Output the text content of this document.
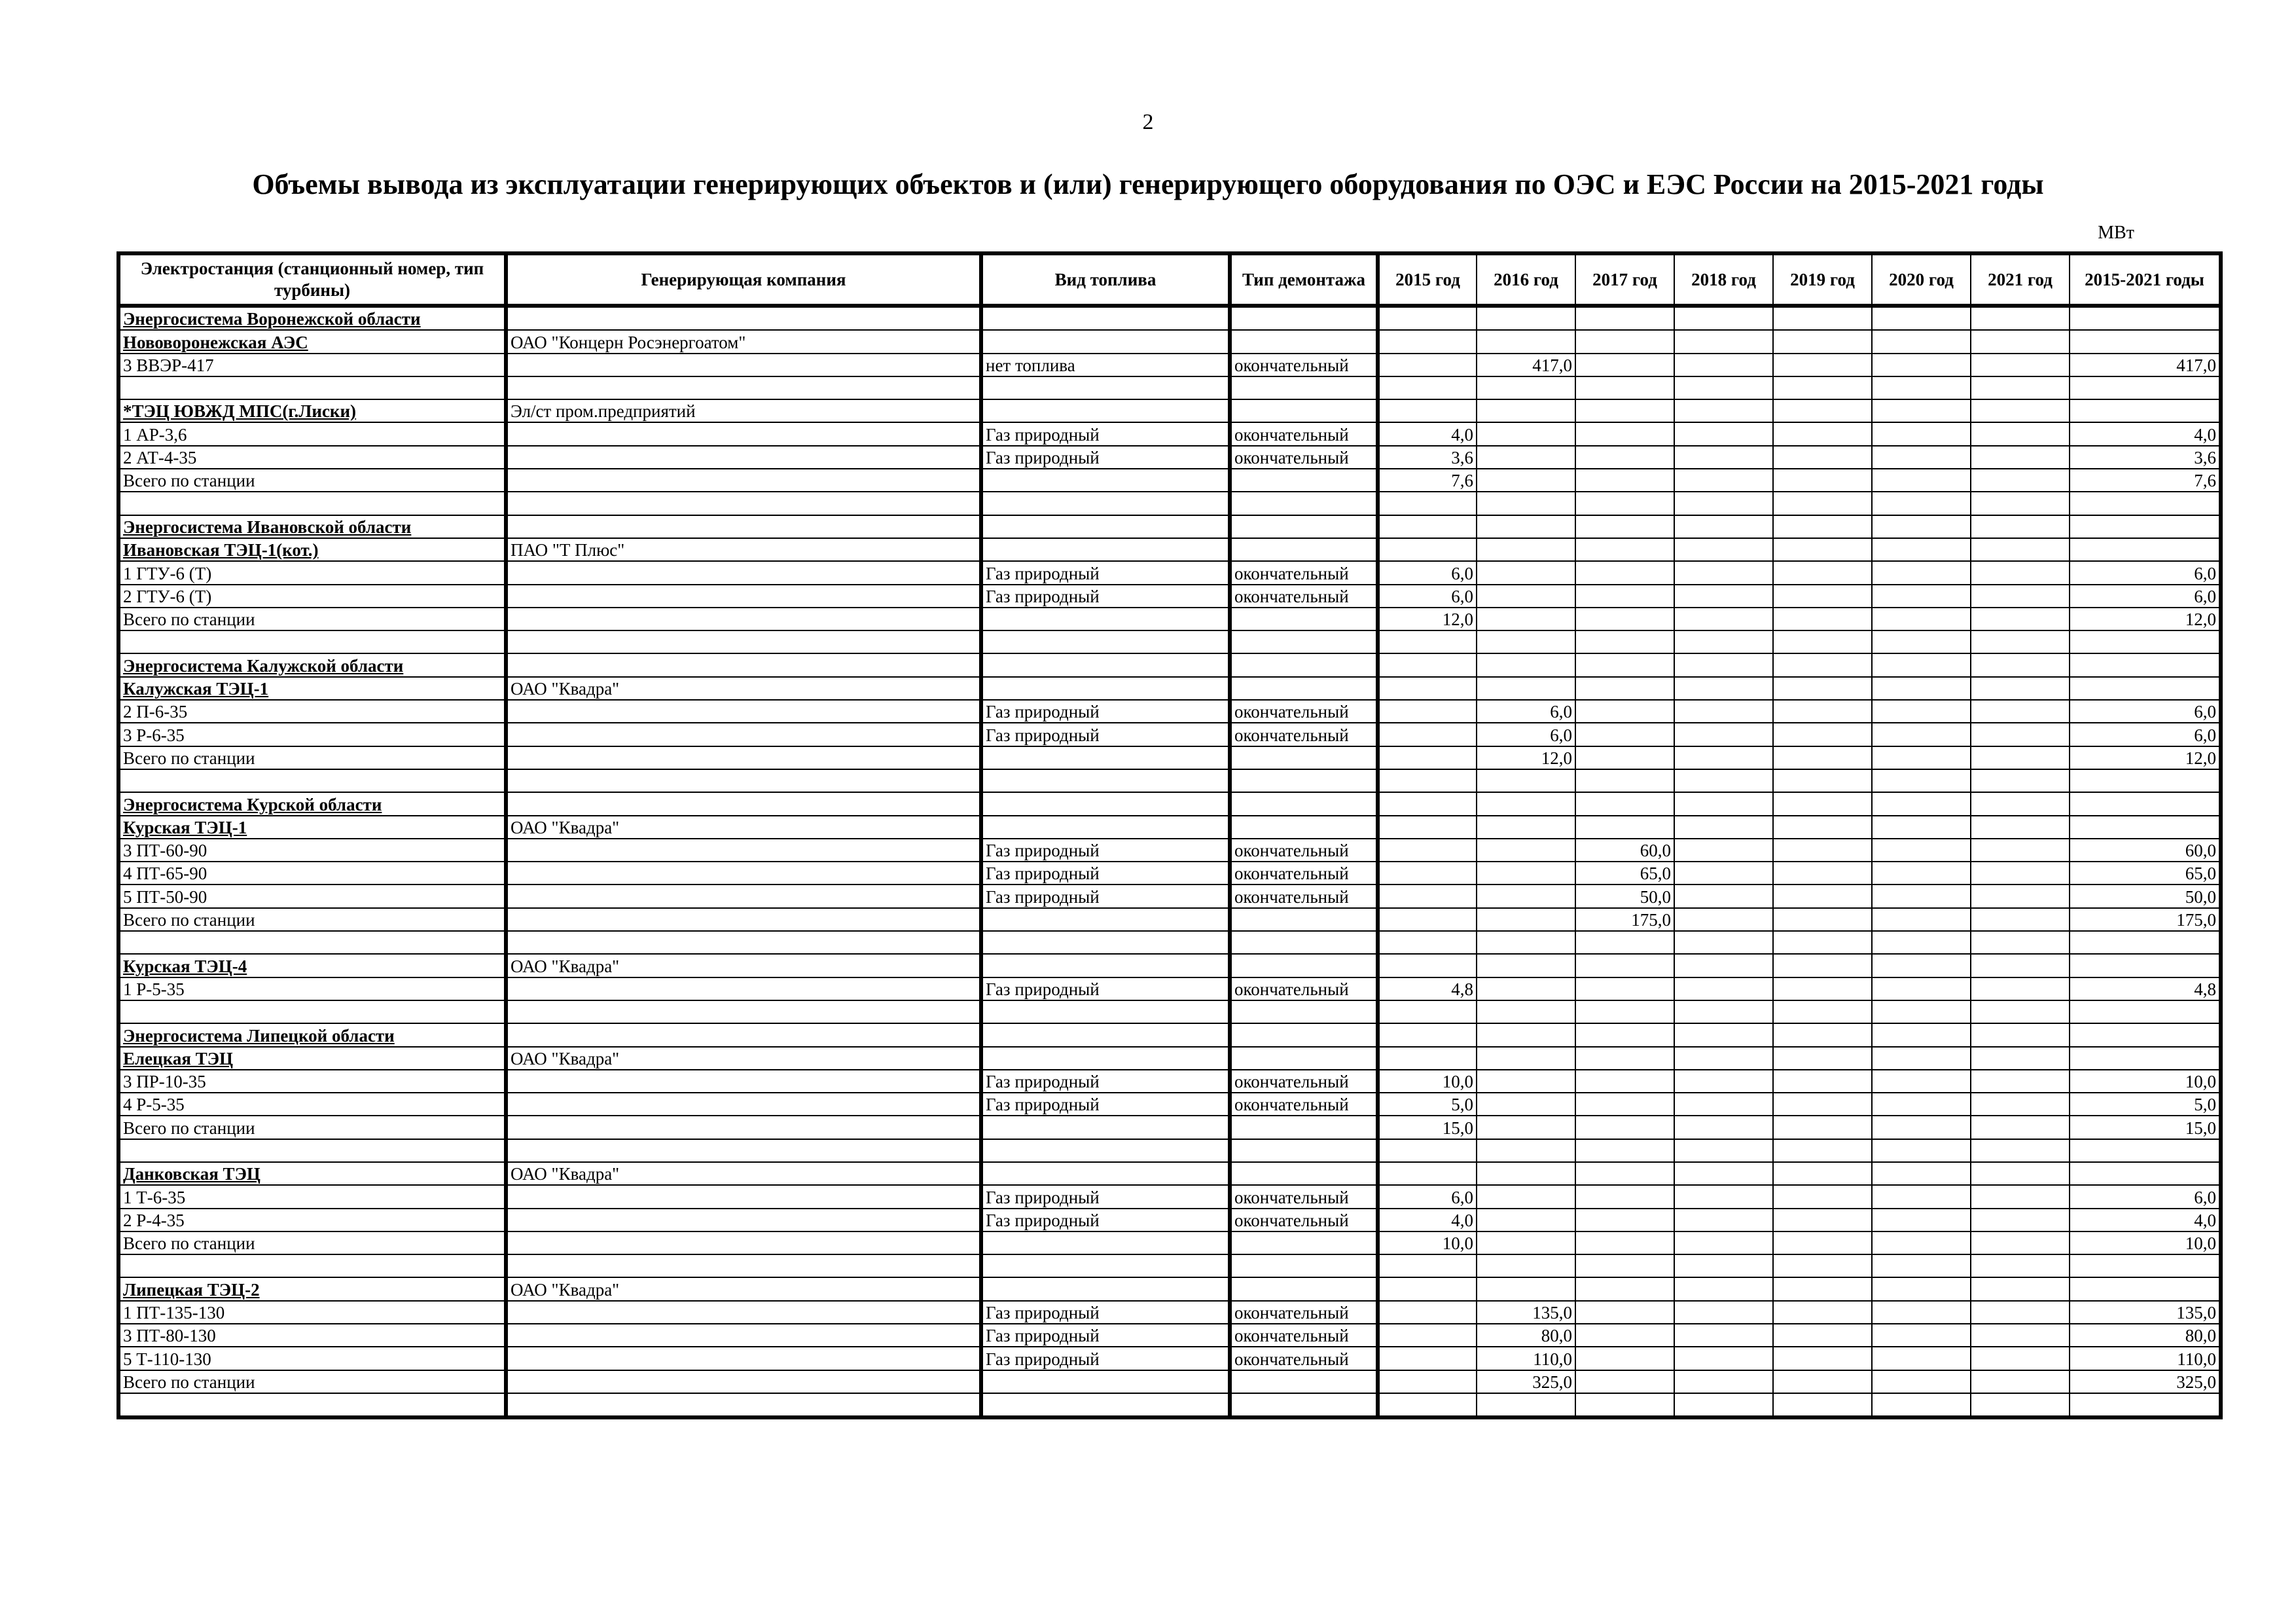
2
Объемы вывода из эксплуатации генерирующих объектов и (или) генерирующего оборудования по ОЭС и ЕЭС России на 2015-2021 годы
МВт
Электростанция (станционный номер, тип турбины)	Генерирующая компания	Вид топлива	Тип демонтажа	2015 год	2016 год	2017 год	2018 год	2019 год	2020 год	2021 год	2015-2021 годы
Энергосистема Воронежской области											
Нововоронежская АЭС	ОАО "Концерн Росэнергоатом"										
3 ВВЭР-417		нет топлива	окончательный		417,0						417,0

*ТЭЦ ЮВЖД МПС(г.Лиски)	Эл/ст пром.предприятий										
1 АР-3,6		Газ природный	окончательный	4,0							4,0
2 АТ-4-35		Газ природный	окончательный	3,6							3,6
Всего по станции				7,6							7,6

Энергосистема Ивановской области											
Ивановская ТЭЦ-1(кот.)	ПАО "Т Плюс"										
1 ГТУ-6 (Т)		Газ природный	окончательный	6,0							6,0
2 ГТУ-6 (Т)		Газ природный	окончательный	6,0							6,0
Всего по станции				12,0							12,0

Энергосистема Калужской области											
Калужская ТЭЦ-1	ОАО "Квадра"										
2 П-6-35		Газ природный	окончательный		6,0						6,0
3 Р-6-35		Газ природный	окончательный		6,0						6,0
Всего по станции					12,0						12,0

Энергосистема Курской области											
Курская ТЭЦ-1	ОАО "Квадра"										
3 ПТ-60-90		Газ природный	окончательный			60,0					60,0
4 ПТ-65-90		Газ природный	окончательный			65,0					65,0
5 ПТ-50-90		Газ природный	окончательный			50,0					50,0
Всего по станции						175,0					175,0

Курская ТЭЦ-4	ОАО "Квадра"										
1 Р-5-35		Газ природный	окончательный	4,8							4,8

Энергосистема Липецкой области											
Елецкая ТЭЦ	ОАО "Квадра"										
3 ПР-10-35		Газ природный	окончательный	10,0							10,0
4 Р-5-35		Газ природный	окончательный	5,0							5,0
Всего по станции				15,0							15,0

Данковская ТЭЦ	ОАО "Квадра"										
1 Т-6-35		Газ природный	окончательный	6,0							6,0
2 Р-4-35		Газ природный	окончательный	4,0							4,0
Всего по станции				10,0							10,0

Липецкая ТЭЦ-2	ОАО "Квадра"										
1 ПТ-135-130		Газ природный	окончательный		135,0						135,0
3 ПТ-80-130		Газ природный	окончательный		80,0						80,0
5 Т-110-130		Газ природный	окончательный		110,0						110,0
Всего по станции					325,0						325,0
